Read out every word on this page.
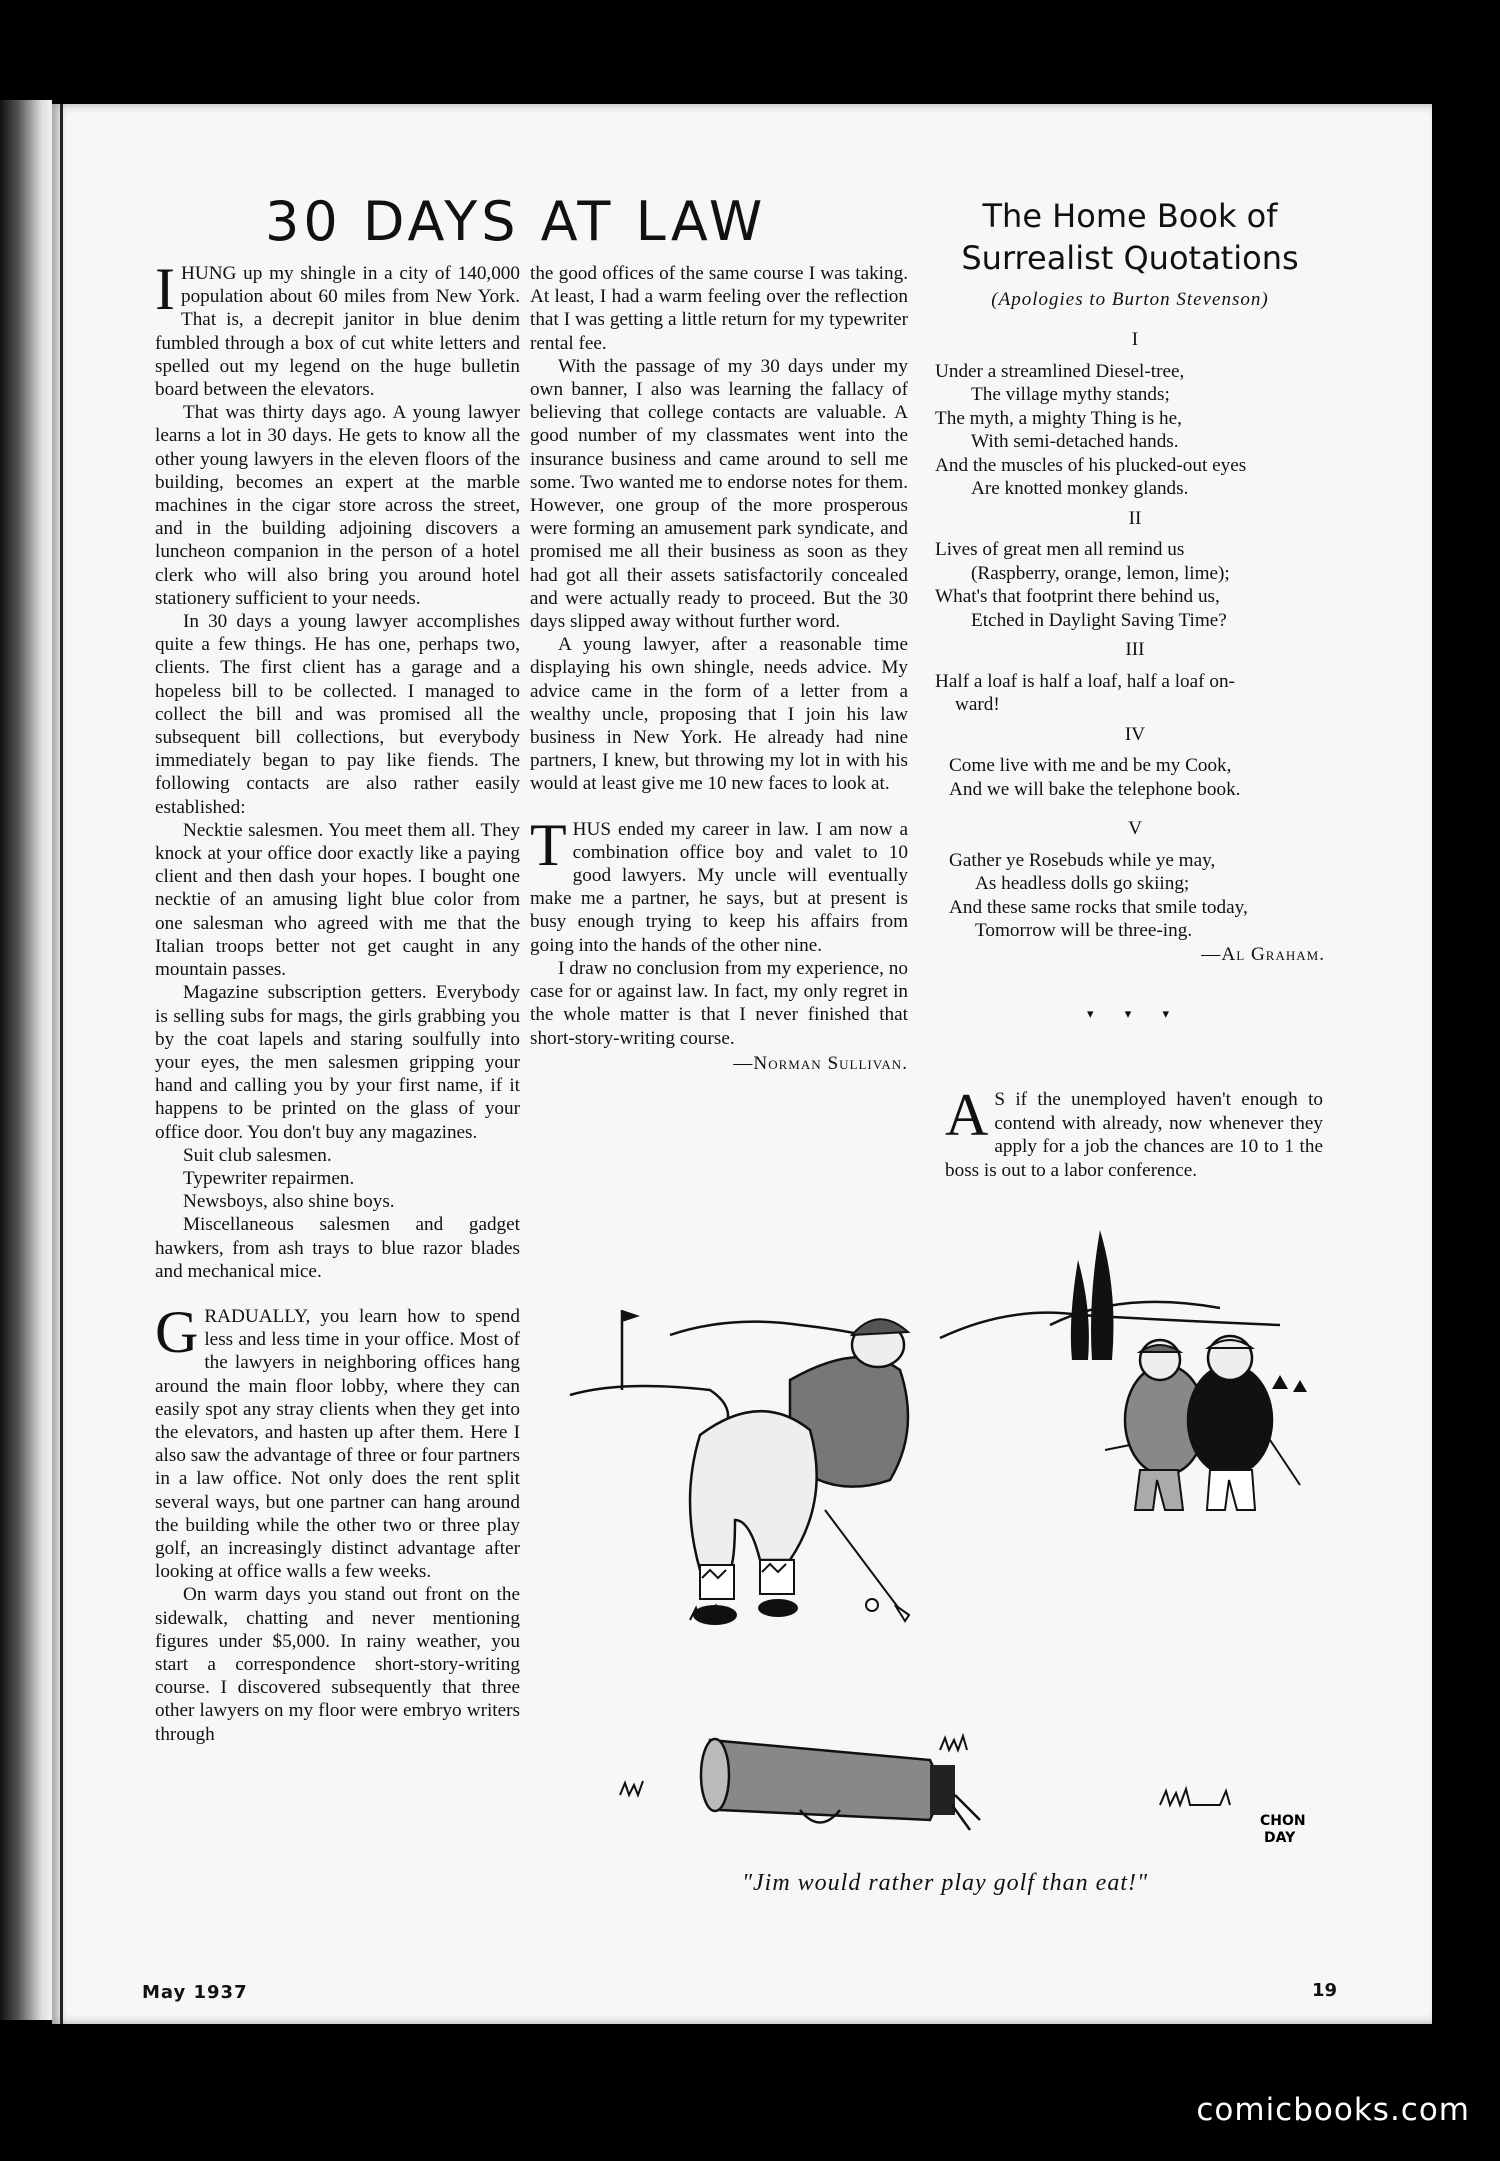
30 DAYS AT LAW

IHUNG up my shingle in a city of 140,000 population about 60 miles from New York. That is, a decrepit janitor in blue denim fumbled through a box of cut white letters and spelled out my legend on the huge bulletin board between the elevators.

That was thirty days ago. A young lawyer learns a lot in 30 days. He gets to know all the other young lawyers in the eleven floors of the building, becomes an expert at the marble machines in the cigar store across the street, and in the building adjoining discovers a luncheon companion in the person of a hotel clerk who will also bring you around hotel stationery sufficient to your needs.

In 30 days a young lawyer accomplishes quite a few things. He has one, perhaps two, clients. The first client has a garage and a hopeless bill to be collected. I managed to collect the bill and was promised all the subsequent bill collections, but everybody immediately began to pay like fiends. The following contacts are also rather easily established:

Necktie salesmen. You meet them all. They knock at your office door exactly like a paying client and then dash your hopes. I bought one necktie of an amusing light blue color from one salesman who agreed with me that the Italian troops better not get caught in any mountain passes.

Magazine subscription getters. Everybody is selling subs for mags, the girls grabbing you by the coat lapels and staring soulfully into your eyes, the men salesmen gripping your hand and calling you by your first name, if it happens to be printed on the glass of your office door. You don't buy any magazines.

Suit club salesmen.

Typewriter repairmen.

Newsboys, also shine boys.

Miscellaneous salesmen and gadget hawkers, from ash trays to blue razor blades and mechanical mice.

GRADUALLY, you learn how to spend less and less time in your office. Most of the lawyers in neighboring offices hang around the main floor lobby, where they can easily spot any stray clients when they get into the elevators, and hasten up after them. Here I also saw the advantage of three or four partners in a law office. Not only does the rent split several ways, but one partner can hang around the building while the other two or three play golf, an increasingly distinct advantage after looking at office walls a few weeks.

On warm days you stand out front on the sidewalk, chatting and never mentioning figures under $5,000. In rainy weather, you start a correspondence short-story-writing course. I discovered subsequently that three other lawyers on my floor were embryo writers through

the good offices of the same course I was taking. At least, I had a warm feeling over the reflection that I was getting a little return for my typewriter rental fee.

With the passage of my 30 days under my own banner, I also was learning the fallacy of believing that college contacts are valuable. A good number of my classmates went into the insurance business and came around to sell me some. Two wanted me to endorse notes for them. However, one group of the more prosperous were forming an amusement park syndicate, and promised me all their business as soon as they had got all their assets satisfactorily concealed and were actually ready to proceed. But the 30 days slipped away without further word.

A young lawyer, after a reasonable time displaying his own shingle, needs advice. My advice came in the form of a letter from a wealthy uncle, proposing that I join his law business in New York. He already had nine partners, I knew, but throwing my lot in with his would at least give me 10 new faces to look at.

THUS ended my career in law. I am now a combination office boy and valet to 10 good lawyers. My uncle will eventually make me a partner, he says, but at present is busy enough trying to keep his affairs from going into the hands of the other nine.

I draw no conclusion from my experience, no case for or against law. In fact, my only regret in the whole matter is that I never finished that short-story-writing course.

—Norman Sullivan.
The Home Book of
Surrealist Quotations
(Apologies to Burton Stevenson)
I
Under a streamlined Diesel-tree,
The village mythy stands;
The myth, a mighty Thing is he,
With semi-detached hands.
And the muscles of his plucked-out eyes
Are knotted monkey glands.
II
Lives of great men all remind us
(Raspberry, orange, lemon, lime);
What's that footprint there behind us,
Etched in Daylight Saving Time?
III
Half a loaf is half a loaf, half a loaf on-
ward!
IV
Come live with me and be my Cook,
And we will bake the telephone book.
V
Gather ye Rosebuds while ye may,
As headless dolls go skiing;
And these same rocks that smile today,
Tomorrow will be three-ing.
—Al Graham.
▾ ▾ ▾
A S if the unemployed haven't enough to contend with already, now whenever they apply for a job the chances are 10 to 1 the boss is out to a labor conference.
CHON
DAY
"Jim would rather play golf than eat!"
May 1937	19
comicbooks.com
